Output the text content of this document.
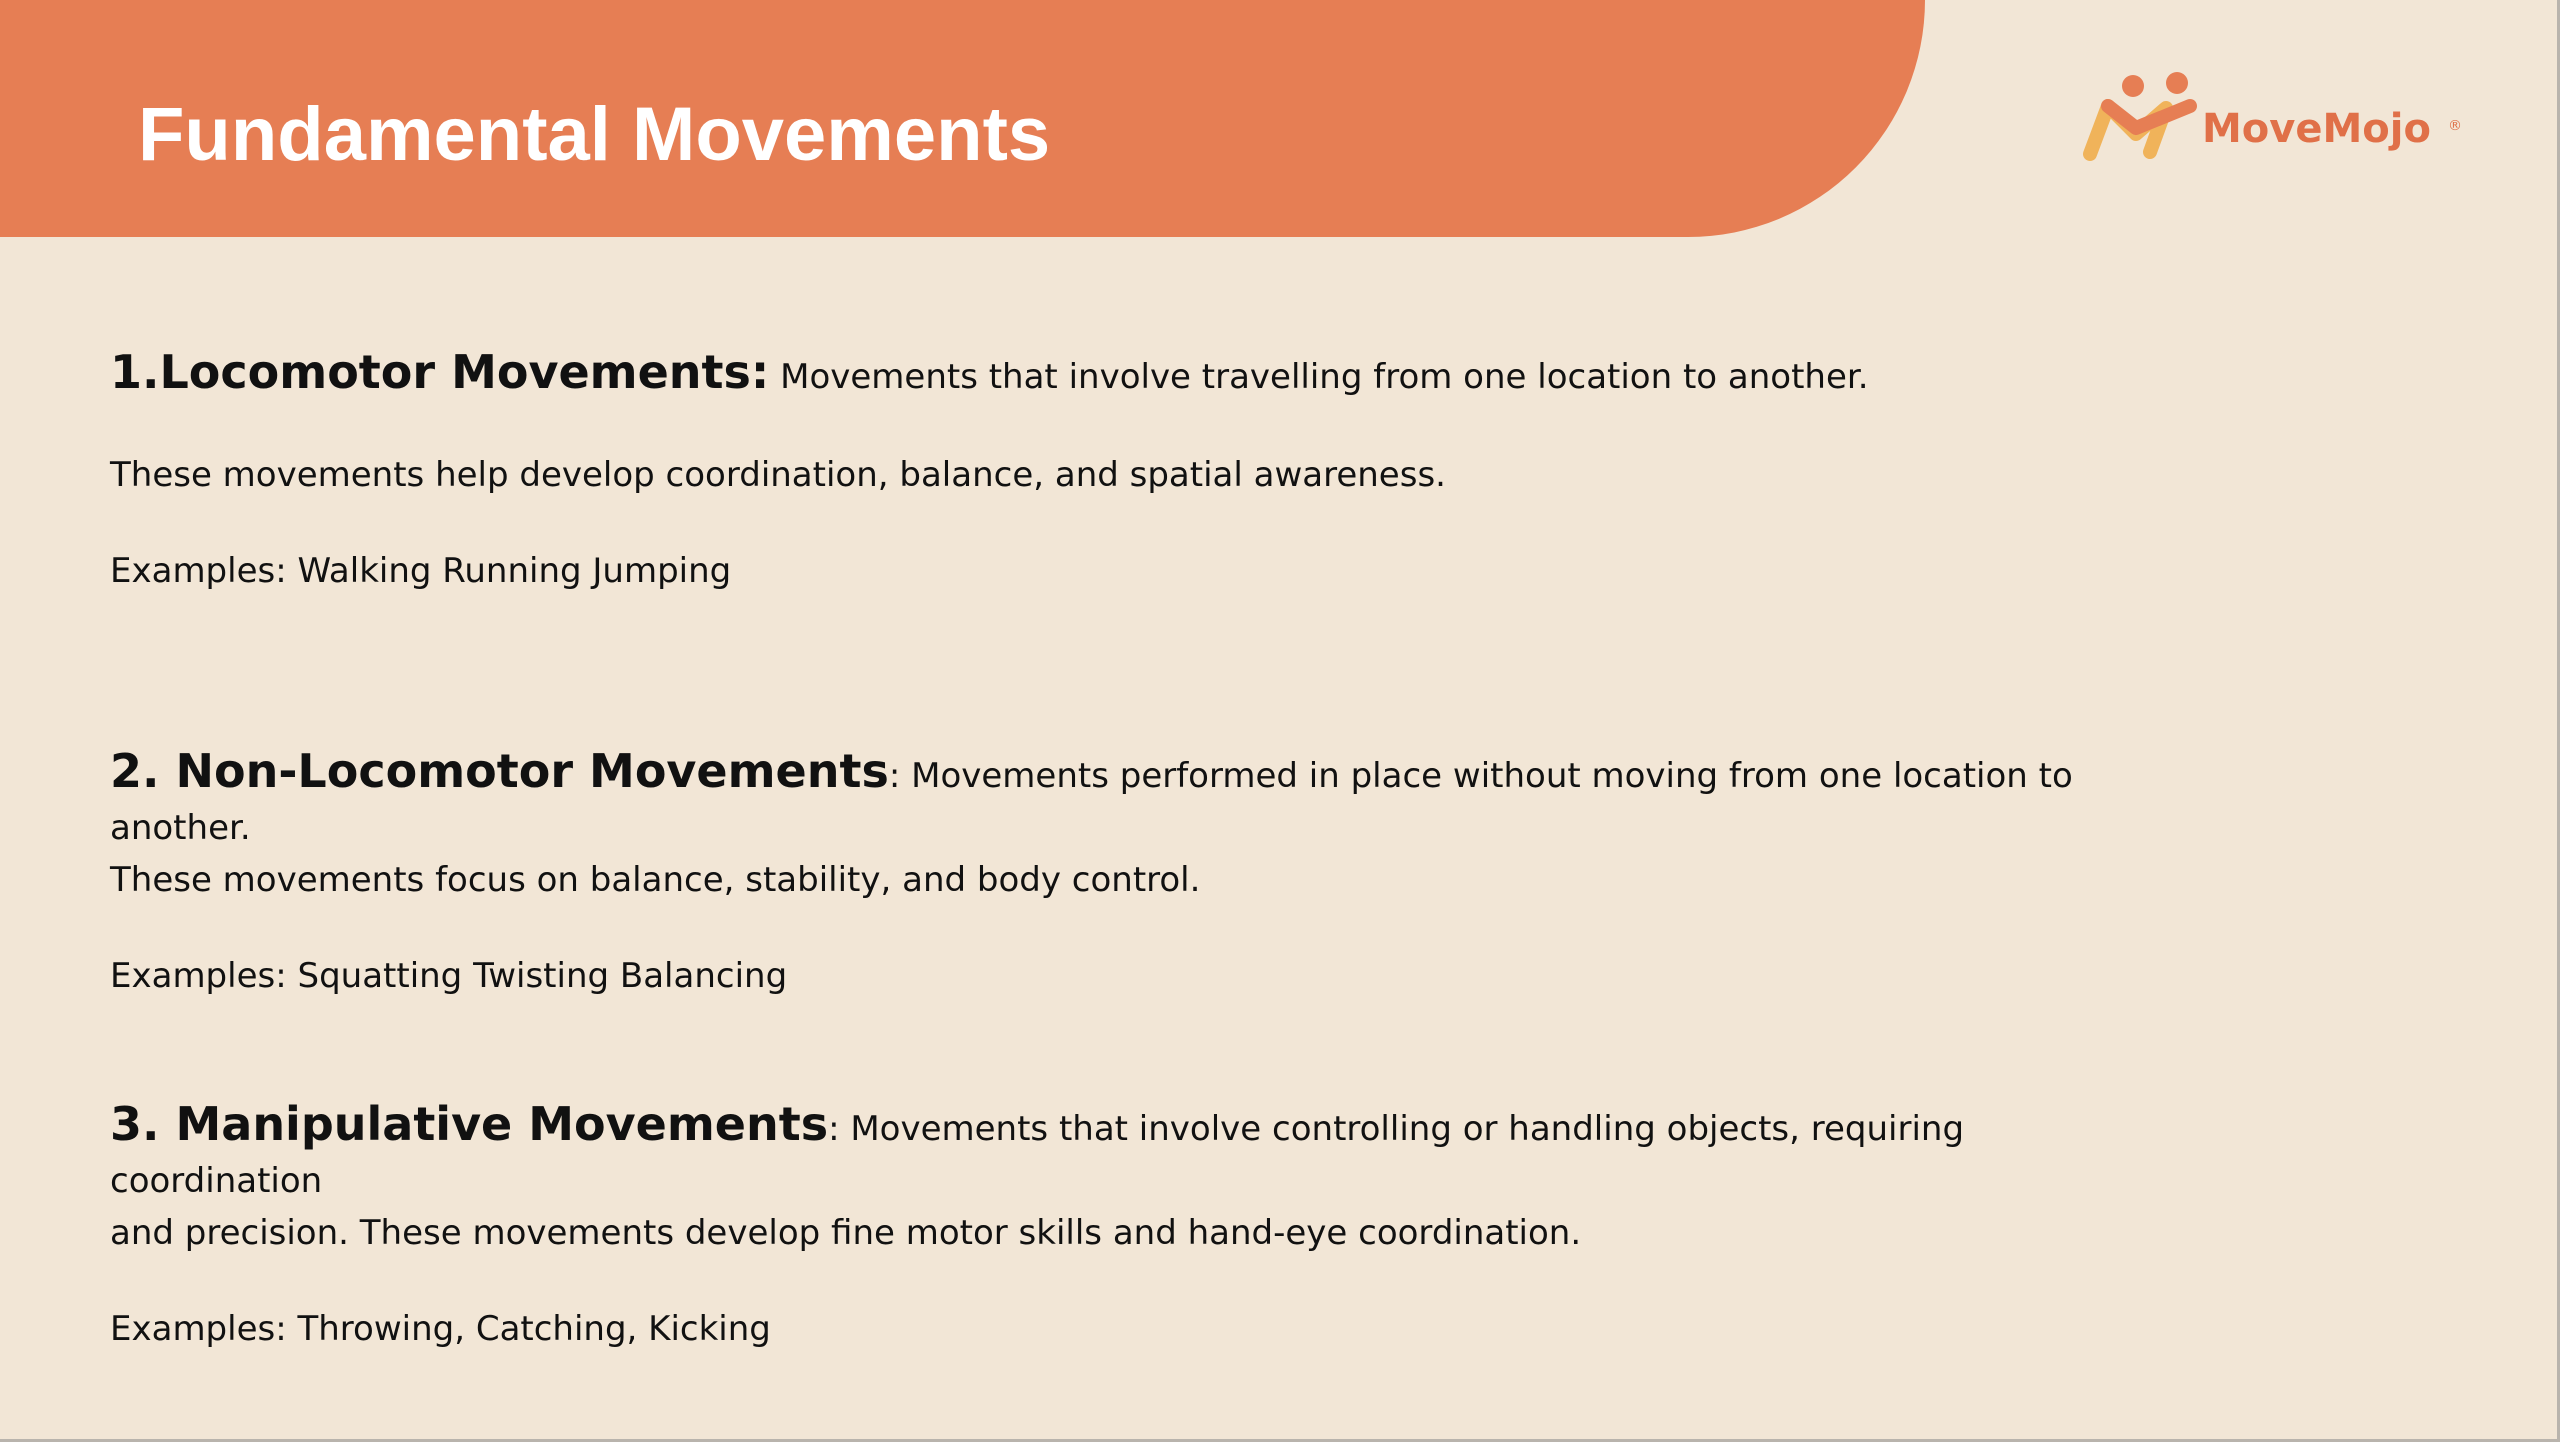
Fundamental Movements	MoveMojo ®

1.Locomotor Movements: Movements that involve travelling from one location to another.

These movements help develop coordination, balance, and spatial awareness.

Examples: Walking Running Jumping

2. Non-Locomotor Movements: Movements performed in place without moving from one location to another.

These movements focus on balance, stability, and body control.

Examples: Squatting Twisting Balancing

3. Manipulative Movements: Movements that involve controlling or handling objects, requiring coordination

and precision. These movements develop fine motor skills and hand-eye coordination.

Examples: Throwing, Catching, Kicking
